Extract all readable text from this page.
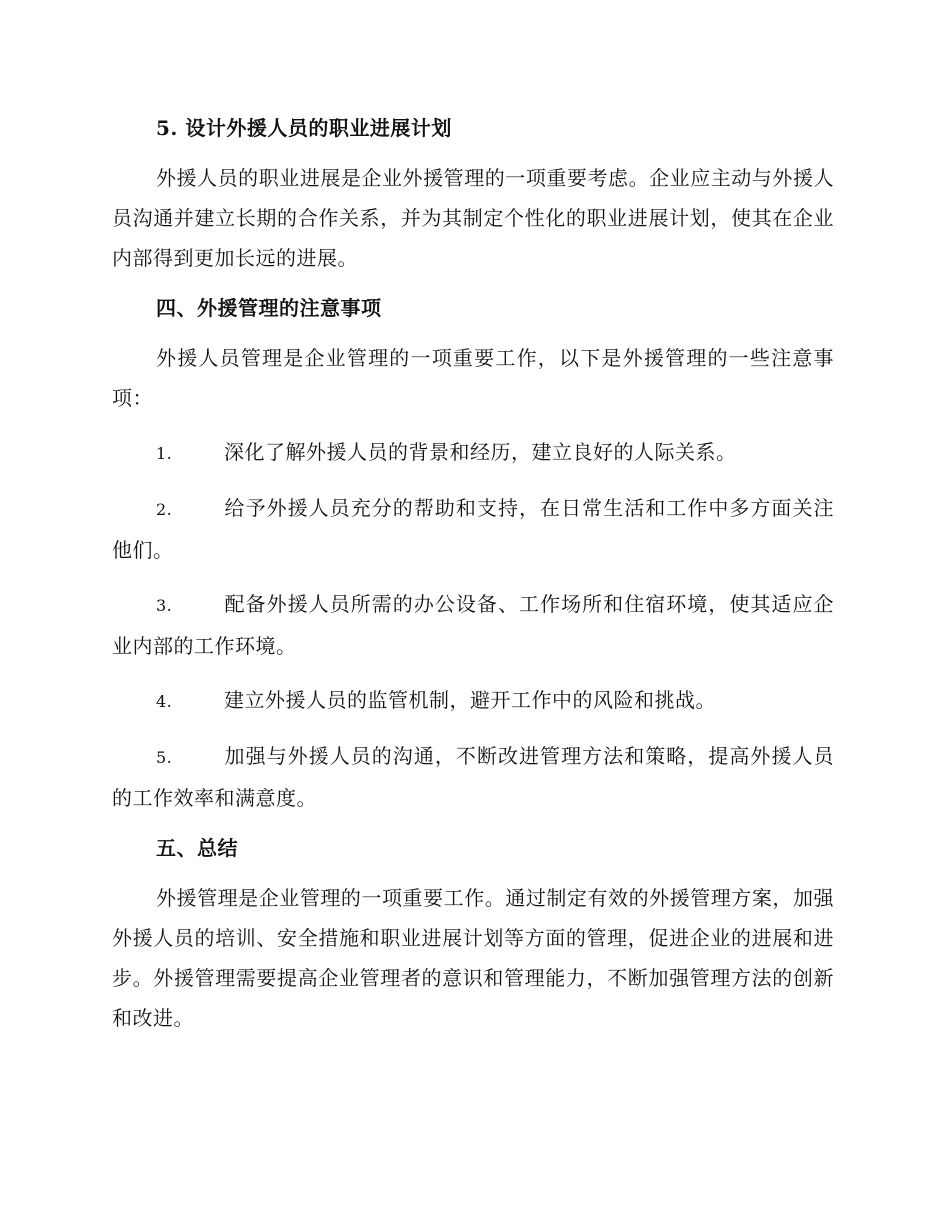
5. 设计外援人员的职业进展计划

外援人员的职业进展是企业外援管理的一项重要考虑。企业应主动与外援人员沟通并建立长期的合作关系，并为其制定个性化的职业进展计划，使其在企业内部得到更加长远的进展。

四、外援管理的注意事项

外援人员管理是企业管理的一项重要工作，以下是外援管理的一些注意事项：

1.	深化了解外援人员的背景和经历，建立良好的人际关系。

2.	给予外援人员充分的帮助和支持，在日常生活和工作中多方面关注他们。

3.	配备外援人员所需的办公设备、工作场所和住宿环境，使其适应企业内部的工作环境。

4.	建立外援人员的监管机制，避开工作中的风险和挑战。

5.	加强与外援人员的沟通，不断改进管理方法和策略，提高外援人员的工作效率和满意度。

五、总结

外援管理是企业管理的一项重要工作。通过制定有效的外援管理方案，加强外援人员的培训、安全措施和职业进展计划等方面的管理，促进企业的进展和进步。外援管理需要提高企业管理者的意识和管理能力，不断加强管理方法的创新和改进。
